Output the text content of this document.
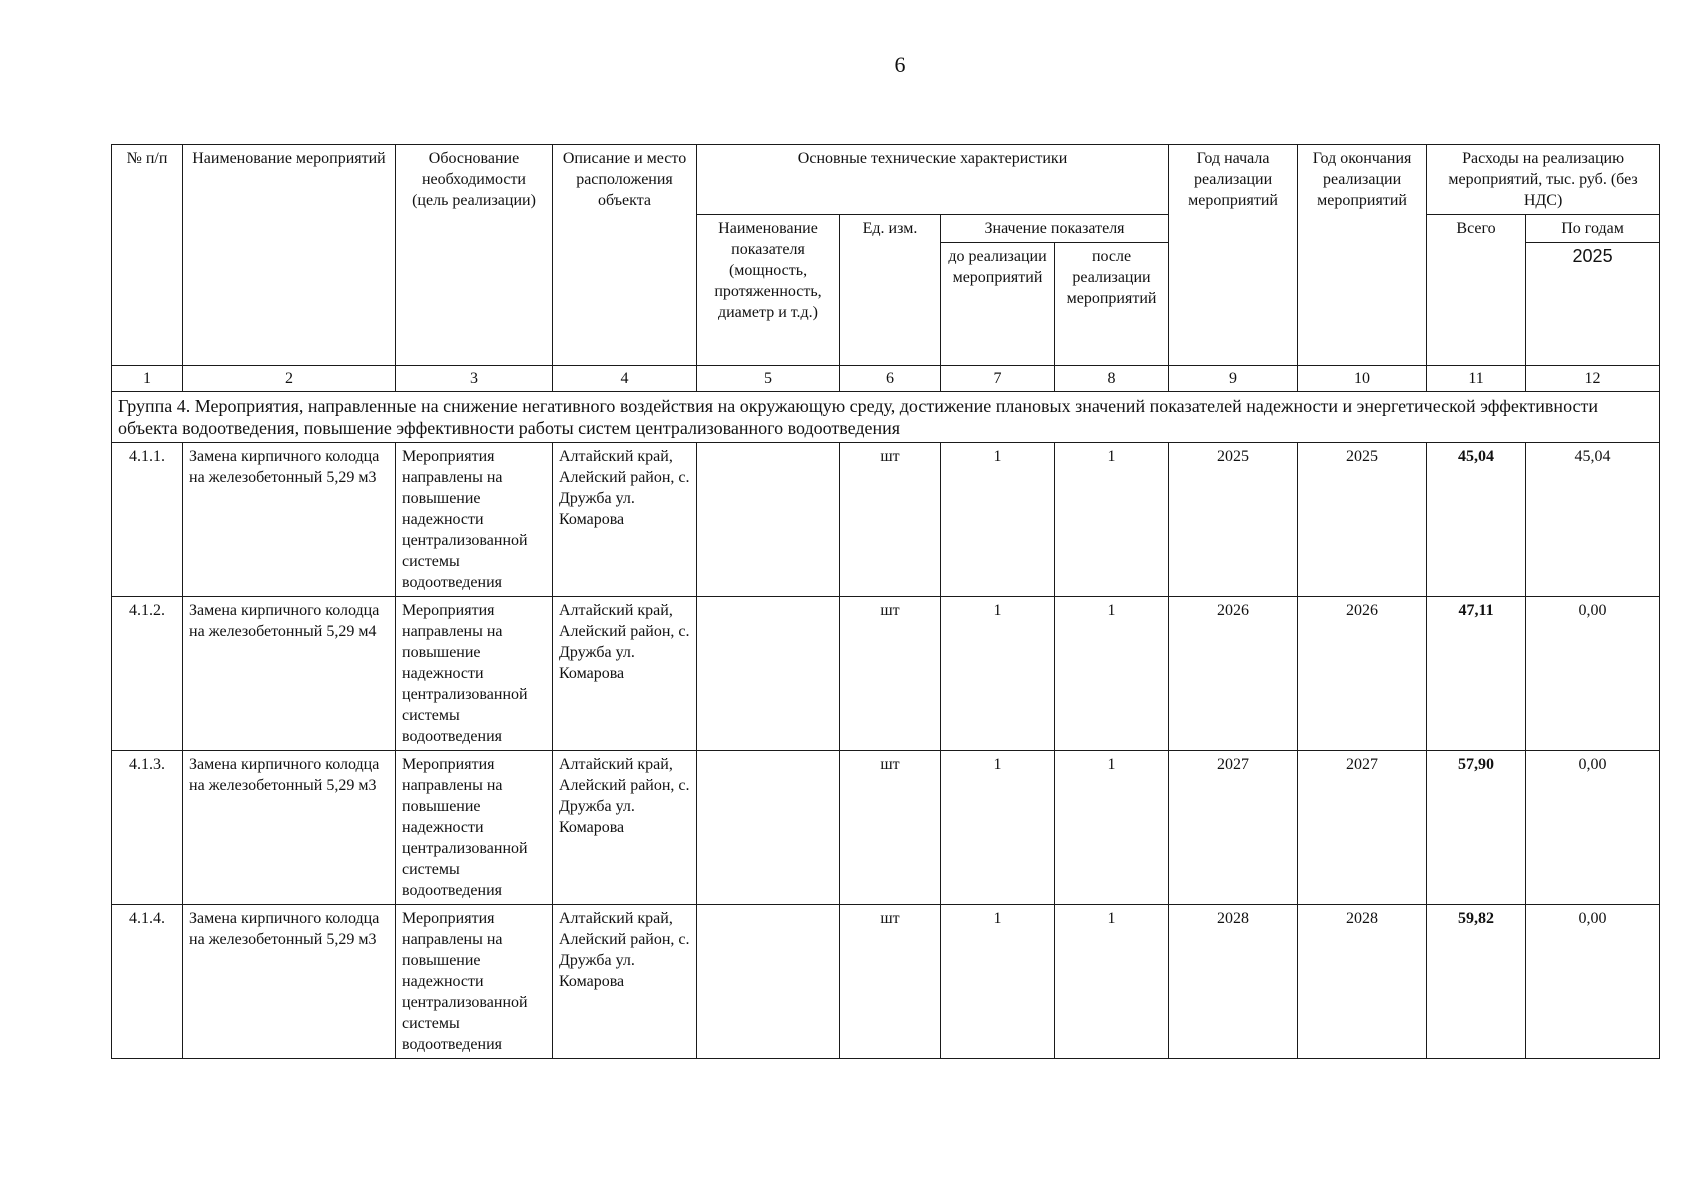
6
№ п/п	Наименование мероприятий	Обоснование необходимости (цель реализации)	Описание и место расположения объекта	Основные технические характеристики				Год начала реализации мероприятий	Год окончания реализации мероприятий	Расходы на реализацию мероприятий, тыс. руб. (без НДС)	
				Наименование показателя (мощность, протяженность, диаметр и т.д.)	Ед. изм.	Значение показателя				Всего	По годам
						до реализации мероприятий	после реализации мероприятий				2025
1	2	3	4	5	6	7	8	9	10	11	12
Группа 4. Мероприятия, направленные на снижение негативного воздействия на окружающую среду, достижение плановых значений показателей надежности и энергетической эффективности объекта водоотведения, повышение эффективности работы систем централизованного водоотведения											
4.1.1.	Замена кирпичного колодца на железобетонный 5,29 м3	Мероприятия направлены на повышение надежности централизованной системы водоотведения	Алтайский край, Алейский район, с. Дружба ул. Комарова		шт	1	1	2025	2025	45,04	45,04
4.1.2.	Замена кирпичного колодца на железобетонный 5,29 м4	Мероприятия направлены на повышение надежности централизованной системы водоотведения	Алтайский край, Алейский район, с. Дружба ул. Комарова		шт	1	1	2026	2026	47,11	0,00
4.1.3.	Замена кирпичного колодца на железобетонный 5,29 м3	Мероприятия направлены на повышение надежности централизованной системы водоотведения	Алтайский край, Алейский район, с. Дружба ул. Комарова		шт	1	1	2027	2027	57,90	0,00
4.1.4.	Замена кирпичного колодца на железобетонный 5,29 м3	Мероприятия направлены на повышение надежности централизованной системы водоотведения	Алтайский край, Алейский район, с. Дружба ул. Комарова		шт	1	1	2028	2028	59,82	0,00
